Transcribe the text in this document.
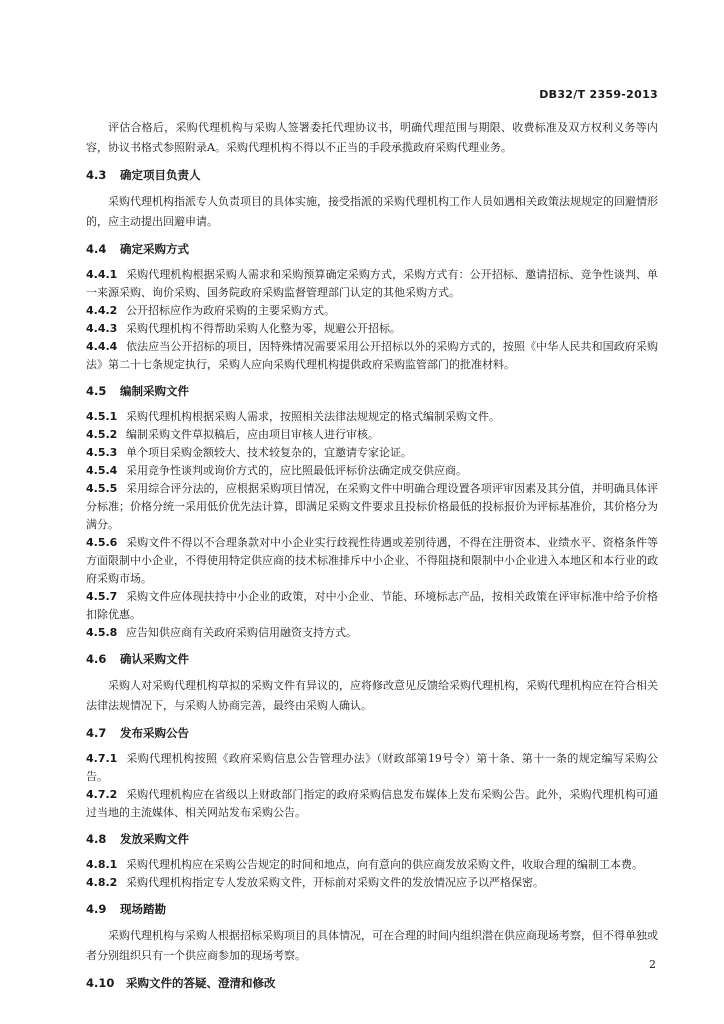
DB32/T 2359-2013

评估合格后，采购代理机构与采购人签署委托代理协议书，明确代理范围与期限、收费标准及双方权利义务等内容，协议书格式参照附录A。采购代理机构不得以不正当的手段承揽政府采购代理业务。

4.3 确定项目负责人

采购代理机构指派专人负责项目的具体实施，接受指派的采购代理机构工作人员如遇相关政策法规规定的回避情形的，应主动提出回避申请。

4.4 确定采购方式

4.4.1 采购代理机构根据采购人需求和采购预算确定采购方式，采购方式有：公开招标、邀请招标、竞争性谈判、单一来源采购、询价采购、国务院政府采购监督管理部门认定的其他采购方式。

4.4.2 公开招标应作为政府采购的主要采购方式。

4.4.3 采购代理机构不得帮助采购人化整为零，规避公开招标。

4.4.4 依法应当公开招标的项目，因特殊情况需要采用公开招标以外的采购方式的，按照《中华人民共和国政府采购法》第二十七条规定执行，采购人应向采购代理机构提供政府采购监管部门的批准材料。

4.5 编制采购文件

4.5.1 采购代理机构根据采购人需求，按照相关法律法规规定的格式编制采购文件。

4.5.2 编制采购文件草拟稿后，应由项目审核人进行审核。

4.5.3 单个项目采购金额较大、技术较复杂的，宜邀请专家论证。

4.5.4 采用竞争性谈判或询价方式的，应比照最低评标价法确定成交供应商。

4.5.5 采用综合评分法的，应根据采购项目情况，在采购文件中明确合理设置各项评审因素及其分值，并明确具体评分标准；价格分统一采用低价优先法计算，即满足采购文件要求且投标价格最低的投标报价为评标基准价，其价格分为满分。

4.5.6 采购文件不得以不合理条款对中小企业实行歧视性待遇或差别待遇，不得在注册资本、业绩水平、资格条件等方面限制中小企业，不得使用特定供应商的技术标准排斥中小企业、不得阻挠和限制中小企业进入本地区和本行业的政府采购市场。

4.5.7 采购文件应体现扶持中小企业的政策，对中小企业、节能、环境标志产品，按相关政策在评审标准中给予价格扣除优惠。

4.5.8 应告知供应商有关政府采购信用融资支持方式。

4.6 确认采购文件

采购人对采购代理机构草拟的采购文件有异议的，应将修改意见反馈给采购代理机构，采购代理机构应在符合相关法律法规情况下，与采购人协商完善，最终由采购人确认。

4.7 发布采购公告

4.7.1 采购代理机构按照《政府采购信息公告管理办法》（财政部第19号令）第十条、第十一条的规定编写采购公告。

4.7.2 采购代理机构应在省级以上财政部门指定的政府采购信息发布媒体上发布采购公告。此外，采购代理机构可通过当地的主流媒体、相关网站发布采购公告。

4.8 发放采购文件

4.8.1 采购代理机构应在采购公告规定的时间和地点，向有意向的供应商发放采购文件，收取合理的编制工本费。

4.8.2 采购代理机构指定专人发放采购文件，开标前对采购文件的发放情况应予以严格保密。

4.9 现场踏勘

采购代理机构与采购人根据招标采购项目的具体情况，可在合理的时间内组织潜在供应商现场考察，但不得单独或者分别组织只有一个供应商参加的现场考察。

4.10 采购文件的答疑、澄清和修改
2
